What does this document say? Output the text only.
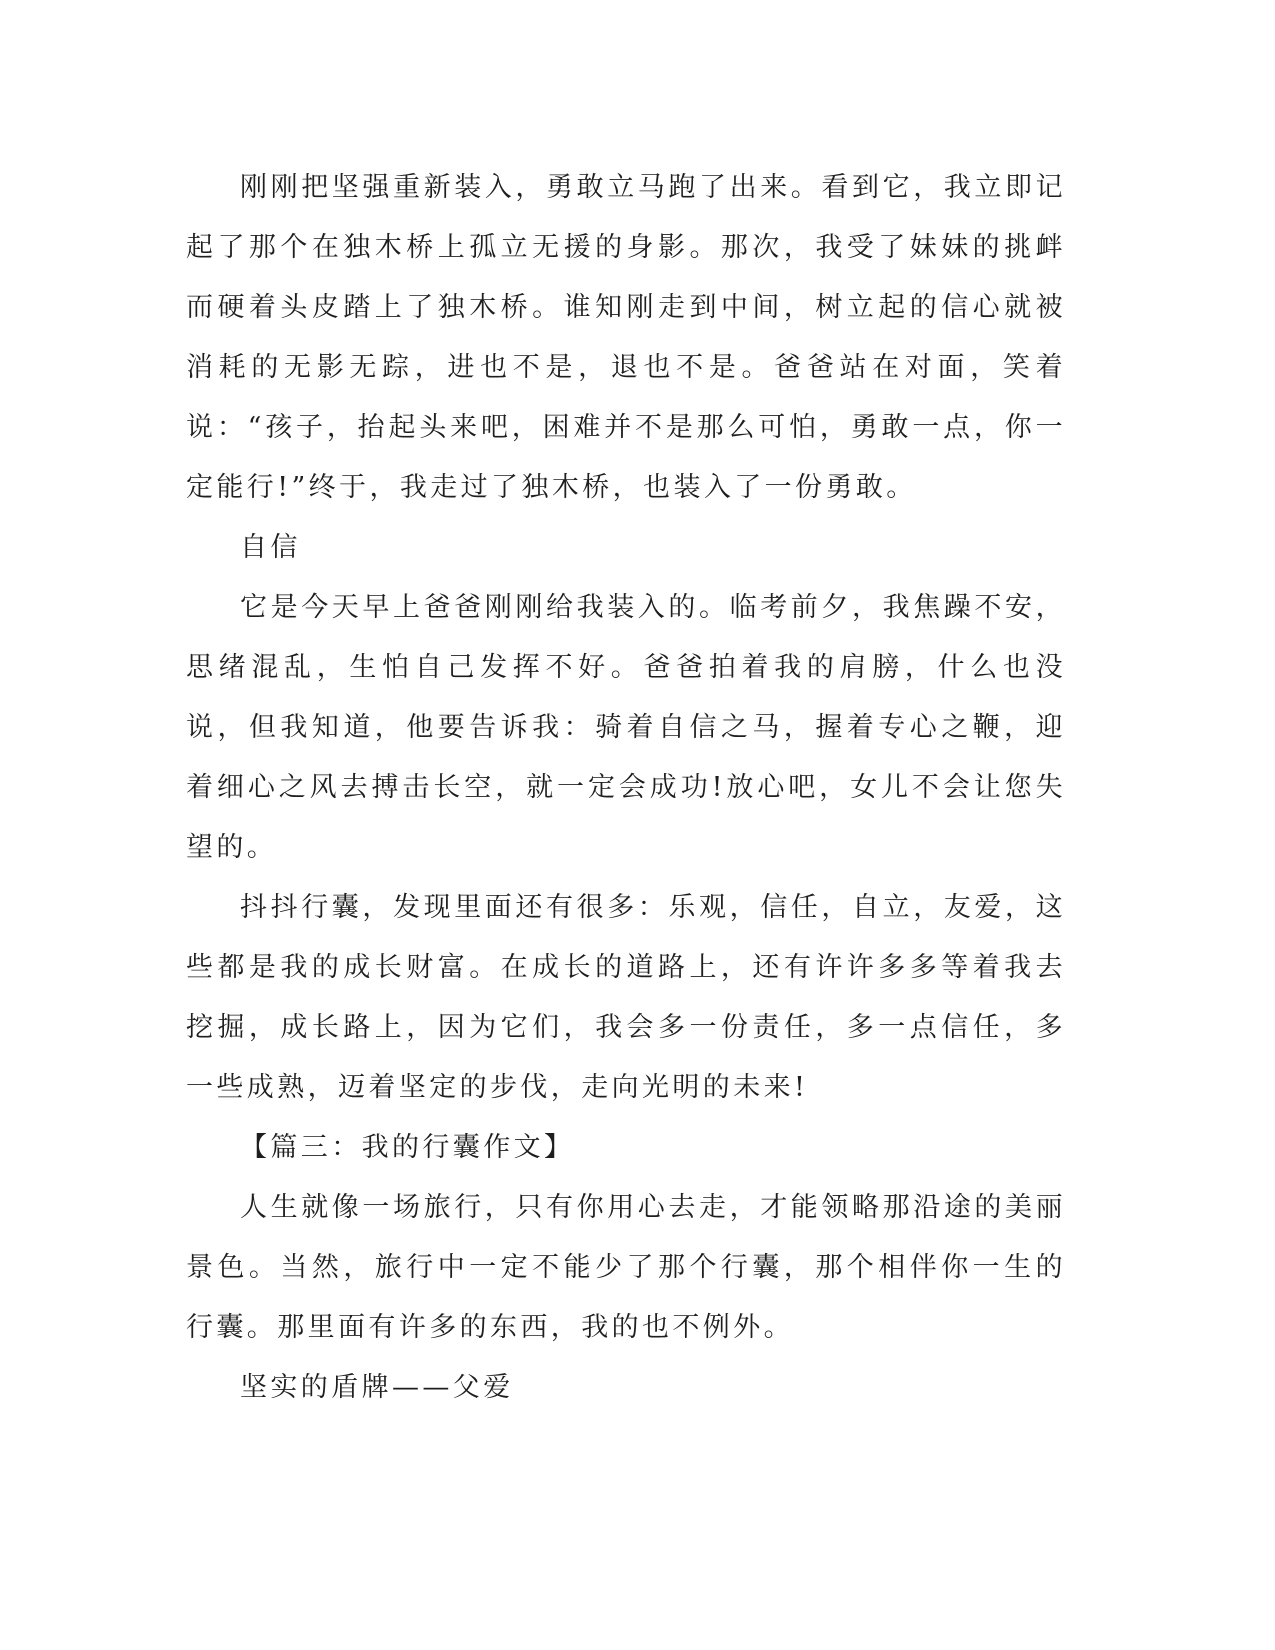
刚刚把坚强重新装入，勇敢立马跑了出来。看到它，我立即记起了那个在独木桥上孤立无援的身影。那次，我受了妹妹的挑衅而硬着头皮踏上了独木桥。谁知刚走到中间，树立起的信心就被消耗的无影无踪，进也不是，退也不是。爸爸站在对面，笑着说：“孩子，抬起头来吧，困难并不是那么可怕，勇敢一点，你一定能行!”终于，我走过了独木桥，也装入了一份勇敢。

自信

它是今天早上爸爸刚刚给我装入的。临考前夕，我焦躁不安，思绪混乱，生怕自己发挥不好。爸爸拍着我的肩膀，什么也没说，但我知道，他要告诉我：骑着自信之马，握着专心之鞭，迎着细心之风去搏击长空，就一定会成功!放心吧，女儿不会让您失望的。

抖抖行囊，发现里面还有很多：乐观，信任，自立，友爱，这些都是我的成长财富。在成长的道路上，还有许许多多等着我去挖掘，成长路上，因为它们，我会多一份责任，多一点信任，多一些成熟，迈着坚定的步伐，走向光明的未来!

【篇三：我的行囊作文】

人生就像一场旅行，只有你用心去走，才能领略那沿途的美丽景色。当然，旅行中一定不能少了那个行囊，那个相伴你一生的行囊。那里面有许多的东西，我的也不例外。

坚实的盾牌——父爱
